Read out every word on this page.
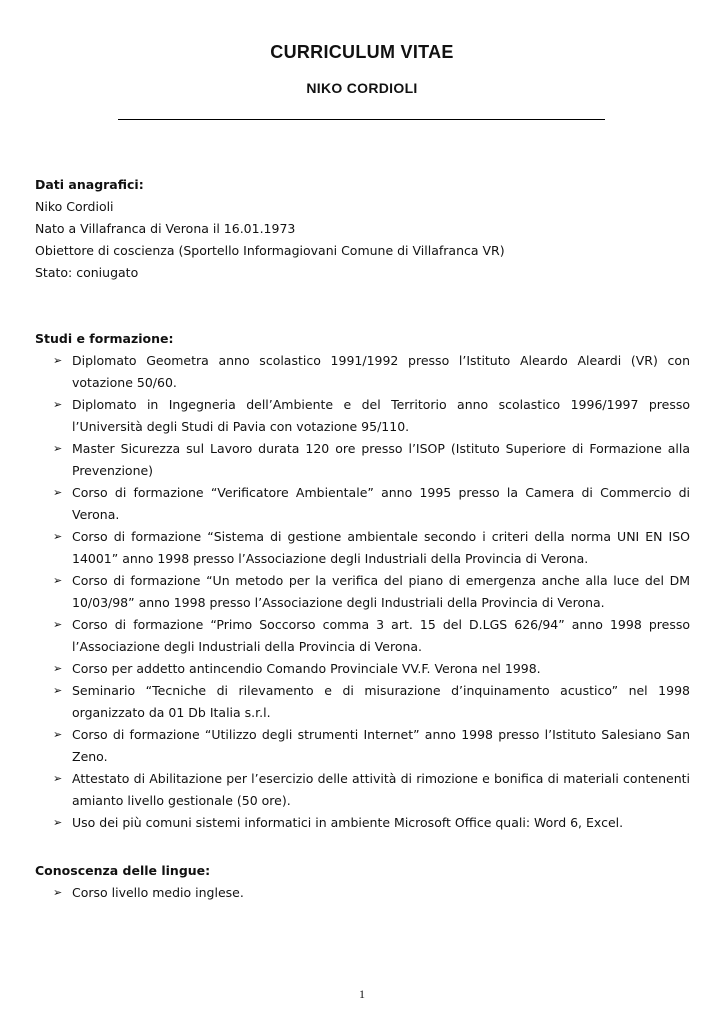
CURRICULUM VITAE
NIKO CORDIOLI
Dati anagrafici:
Niko Cordioli
Nato a Villafranca di Verona il 16.01.1973
Obiettore di coscienza (Sportello Informagiovani Comune di Villafranca VR)
Stato: coniugato
Studi e formazione:
➢ Diplomato Geometra anno scolastico 1991/1992 presso l’Istituto Aleardo Aleardi (VR) con votazione 50/60.
➢ Diplomato in Ingegneria dell’Ambiente e del Territorio anno scolastico 1996/1997 presso l’Università degli Studi di Pavia con votazione 95/110.
➢ Master Sicurezza sul Lavoro durata 120 ore presso l’ISOP (Istituto Superiore di Formazione alla Prevenzione)
➢ Corso di formazione “Verificatore Ambientale” anno 1995 presso la Camera di Commercio di Verona.
➢ Corso di formazione “Sistema di gestione ambientale secondo i criteri della norma UNI EN ISO 14001” anno 1998 presso l’Associazione degli Industriali della Provincia di Verona.
➢ Corso di formazione “Un metodo per la verifica del piano di emergenza anche alla luce del DM 10/03/98” anno 1998 presso l’Associazione degli Industriali della Provincia di Verona.
➢ Corso di formazione “Primo Soccorso comma 3 art. 15 del D.LGS 626/94” anno 1998 presso l’Associazione degli Industriali della Provincia di Verona.
➢ Corso per addetto antincendio Comando Provinciale VV.F. Verona nel 1998.
➢ Seminario “Tecniche di rilevamento e di misurazione d’inquinamento acustico” nel 1998 organizzato da 01 Db Italia s.r.l.
➢ Corso di formazione “Utilizzo degli strumenti Internet” anno 1998 presso l’Istituto Salesiano San Zeno.
➢ Attestato di Abilitazione per l’esercizio delle attività di rimozione e bonifica di materiali contenenti amianto livello gestionale (50 ore).
➢ Uso dei più comuni sistemi informatici in ambiente Microsoft Office quali: Word 6, Excel.
Conoscenza delle lingue:
➢ Corso livello medio inglese.
1
